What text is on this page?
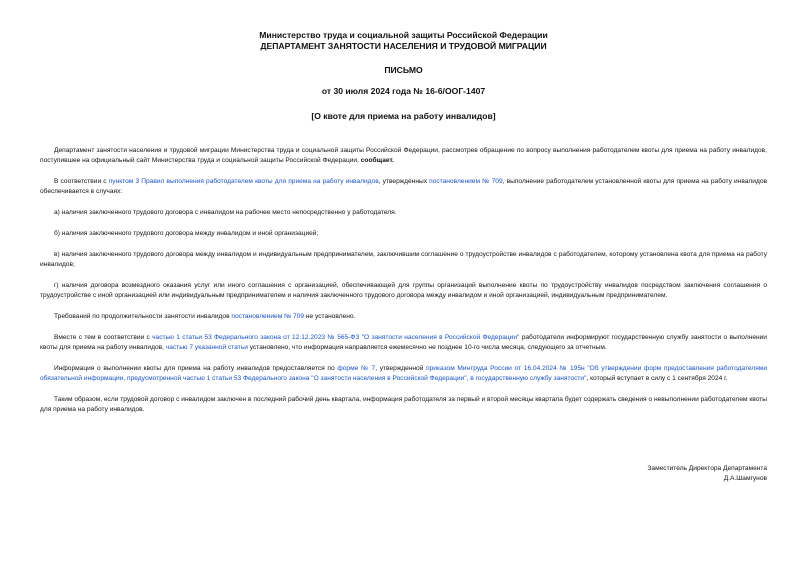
Министерство труда и социальной защиты Российской Федерации
ДЕПАРТАМЕНТ ЗАНЯТОСТИ НАСЕЛЕНИЯ И ТРУДОВОЙ МИГРАЦИИ
ПИСЬМО
от 30 июля 2024 года № 16-6/ООГ-1407
[О квоте для приема на работу инвалидов]

Департамент занятости населения и трудовой миграции Министерства труда и социальной защиты Российской Федерации, рассмотрев обращение по вопросу выполнения работодателем квоты для приема на работу инвалидов, поступившее на официальный сайт Министерства труда и социальной защиты Российской Федерации, сообщает.

В соответствии с пунктом 3 Правил выполнения работодателем квоты для приема на работу инвалидов, утвержденных постановлением № 709, выполнение работодателем установленной квоты для приема на работу инвалидов обеспечивается в случаях:

а) наличия заключенного трудового договора с инвалидом на рабочее место непосредственно у работодателя.

б) наличия заключенного трудового договора между инвалидом и иной организацией;

в) наличия заключенного трудового договора между инвалидом и индивидуальным предпринимателем, заключившим соглашение о трудоустройстве инвалидов с работодателем, которому установлена квота для приема на работу инвалидов;

г) наличия договора возмездного оказания услуг или иного соглашения с организацией, обеспечивающей для группы организаций выполнение квоты по трудоустройству инвалидов посредством заключения соглашения о трудоустройстве с иной организацией или индивидуальным предпринимателем и наличия заключенного трудового договора между инвалидом и иной организацией, индивидуальным предпринимателем.

Требований по продолжительности занятости инвалидов постановлением № 709 не установлено.

Вместе с тем в соответствии с частью 1 статьи 53 Федерального закона от 12.12.2023 № 565-ФЗ "О занятости населения в Российской Федерации" работодатели информируют государственную службу занятости о выполнении квоты для приема на работу инвалидов, частью 7 указанной статьи установлено, что информация направляется ежемесячно не позднее 10-го числа месяца, следующего за отчетным.

Информация о выполнении квоты для приема на работу инвалидов предоставляется по форме № 7, утвержденной приказом Минтруда России от 16.04.2024 № 195н "Об утверждении форм предоставления работодателями обязательной информации, предусмотренной частью 1 статьи 53 Федерального закона "О занятости населения в Российской Федерации", в государственную службу занятости", который вступает в силу с 1 сентября 2024 г.

Таким образом, если трудовой договор с инвалидом заключен в последний рабочий день квартала, информация работодателя за первый и второй месяцы квартала будет содержать сведения о невыполнении работодателем квоты для приема на работу инвалидов.

Заместитель Директора Департамента
Д.А.Шамгунов
